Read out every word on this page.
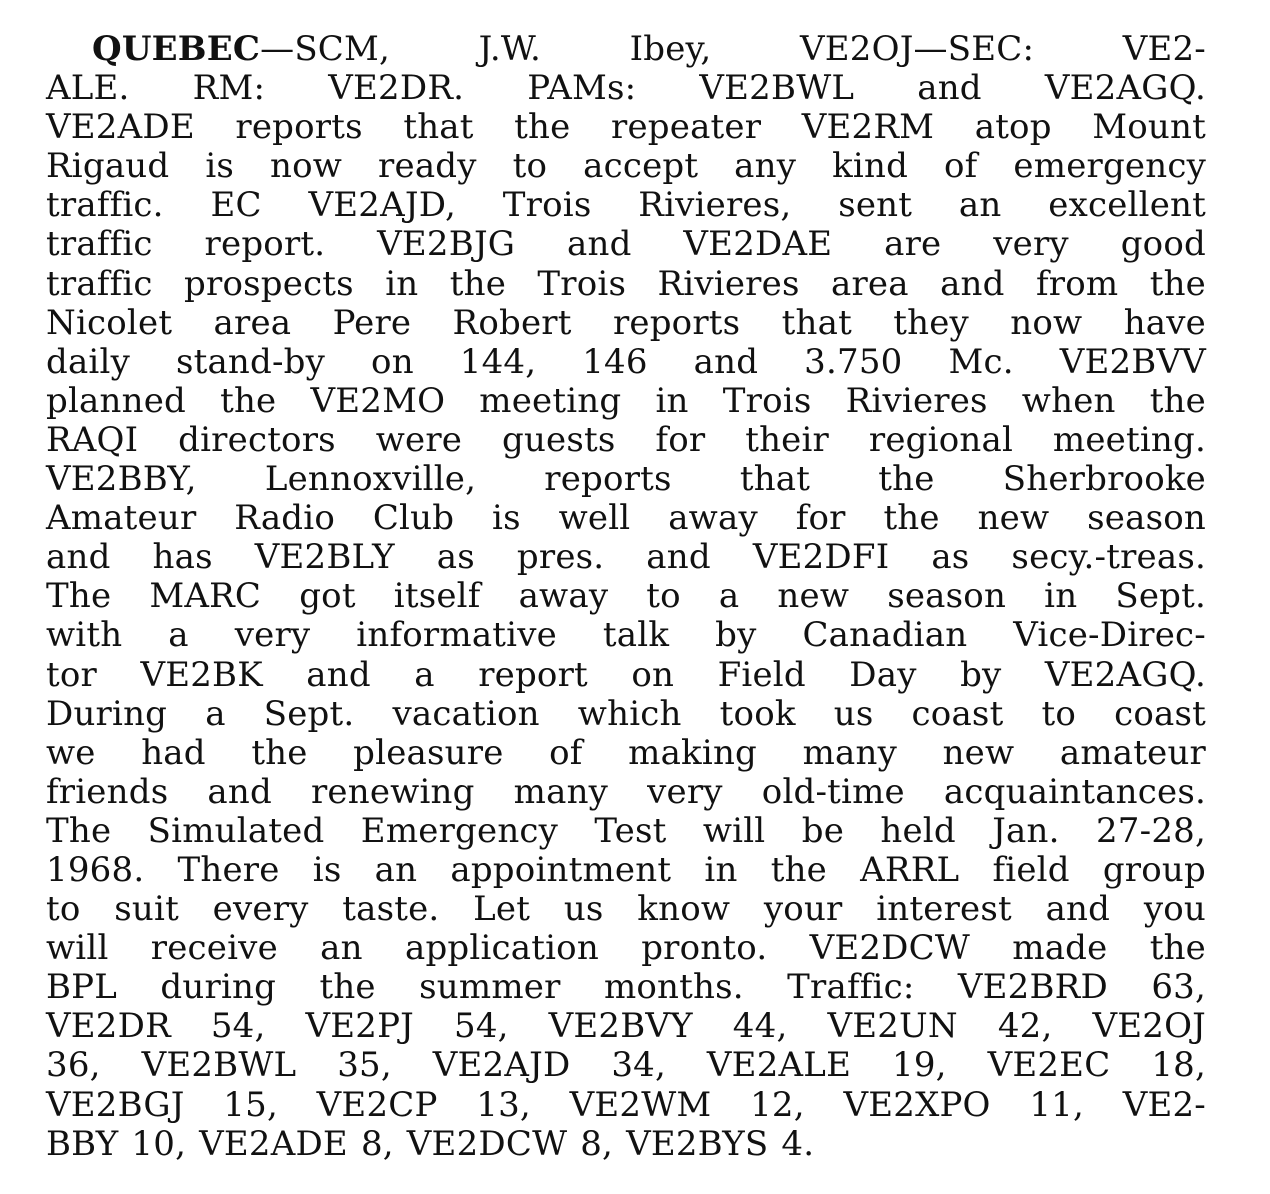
QUEBEC—SCM, J.W. Ibey, VE2OJ—SEC: VE2-
ALE. RM: VE2DR. PAMs: VE2BWL and VE2AGQ.
VE2ADE reports that the repeater VE2RM atop Mount
Rigaud is now ready to accept any kind of emergency
traffic. EC VE2AJD, Trois Rivieres, sent an excellent
traffic report. VE2BJG and VE2DAE are very good
traffic prospects in the Trois Rivieres area and from the
Nicolet area Pere Robert reports that they now have
daily stand-by on 144, 146 and 3.750 Mc. VE2BVV
planned the VE2MO meeting in Trois Rivieres when the
RAQI directors were guests for their regional meeting.
VE2BBY, Lennoxville, reports that the Sherbrooke
Amateur Radio Club is well away for the new season
and has VE2BLY as pres. and VE2DFI as secy.-treas.
The MARC got itself away to a new season in Sept.
with a very informative talk by Canadian Vice-Direc-
tor VE2BK and a report on Field Day by VE2AGQ.
During a Sept. vacation which took us coast to coast
we had the pleasure of making many new amateur
friends and renewing many very old-time acquaintances.
The Simulated Emergency Test will be held Jan. 27-28,
1968. There is an appointment in the ARRL field group
to suit every taste. Let us know your interest and you
will receive an application pronto. VE2DCW made the
BPL during the summer months. Traffic: VE2BRD 63,
VE2DR 54, VE2PJ 54, VE2BVY 44, VE2UN 42, VE2OJ
36, VE2BWL 35, VE2AJD 34, VE2ALE 19, VE2EC 18,
VE2BGJ 15, VE2CP 13, VE2WM 12, VE2XPO 11, VE2-
BBY 10, VE2ADE 8, VE2DCW 8, VE2BYS 4.
